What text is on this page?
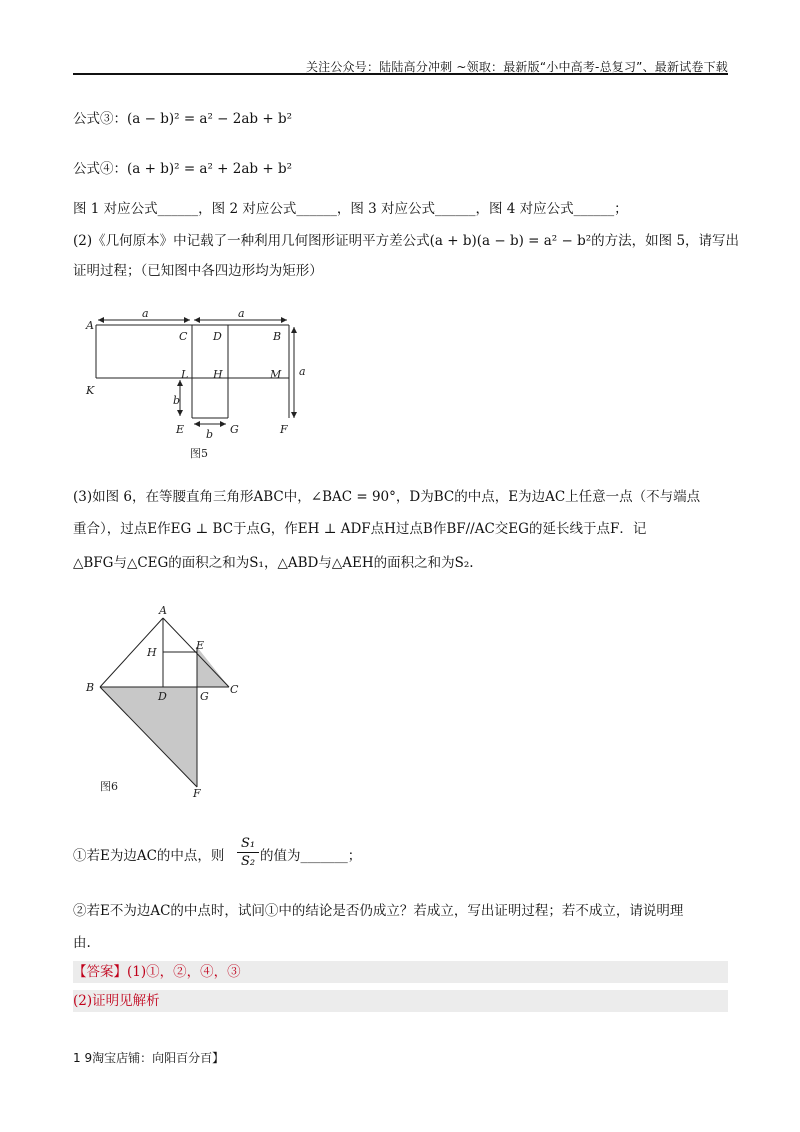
关注公众号：陆陆高分冲刺 ~领取：最新版“小中高考-总复习”、最新试卷下载
公式③：(a − b)² = a² − 2ab + b²
公式④：(a + b)² = a² + 2ab + b²
图 1 对应公式______，图 2 对应公式______，图 3 对应公式______，图 4 对应公式______；
(2)《几何原本》中记载了一种利用几何图形证明平方差公式(a + b)(a − b) = a² − b²的方法，如图 5，请写出
证明过程；（已知图中各四边形均为矩形）
A
C D	B
K
L H	M
E	G	F
a	a
a
b
b
图5
(3)如图 6，在等腰直角三角形ABC中，∠BAC = 90°，D为BC的中点，E为边AC上任意一点（不与端点
重合），过点E作EG ⊥ BC于点G，作EH ⊥ ADF点H过点B作BF//AC交EG的延长线于点F．记
△BFG与△CEG的面积之和为S₁，△ABD与△AEH的面积之和为S₂.
A
H
E
B
D	G
C
F
图6
①若E为边AC的中点，则
S₁
S₂ 的值为_______；
②若E不为边AC的中点时，试问①中的结论是否仍成立？若成立，写出证明过程；若不成立，请说明理
由.
【答案】(1)①，②，④，③
(2)证明见解析
1 9淘宝店铺：向阳百分百】
